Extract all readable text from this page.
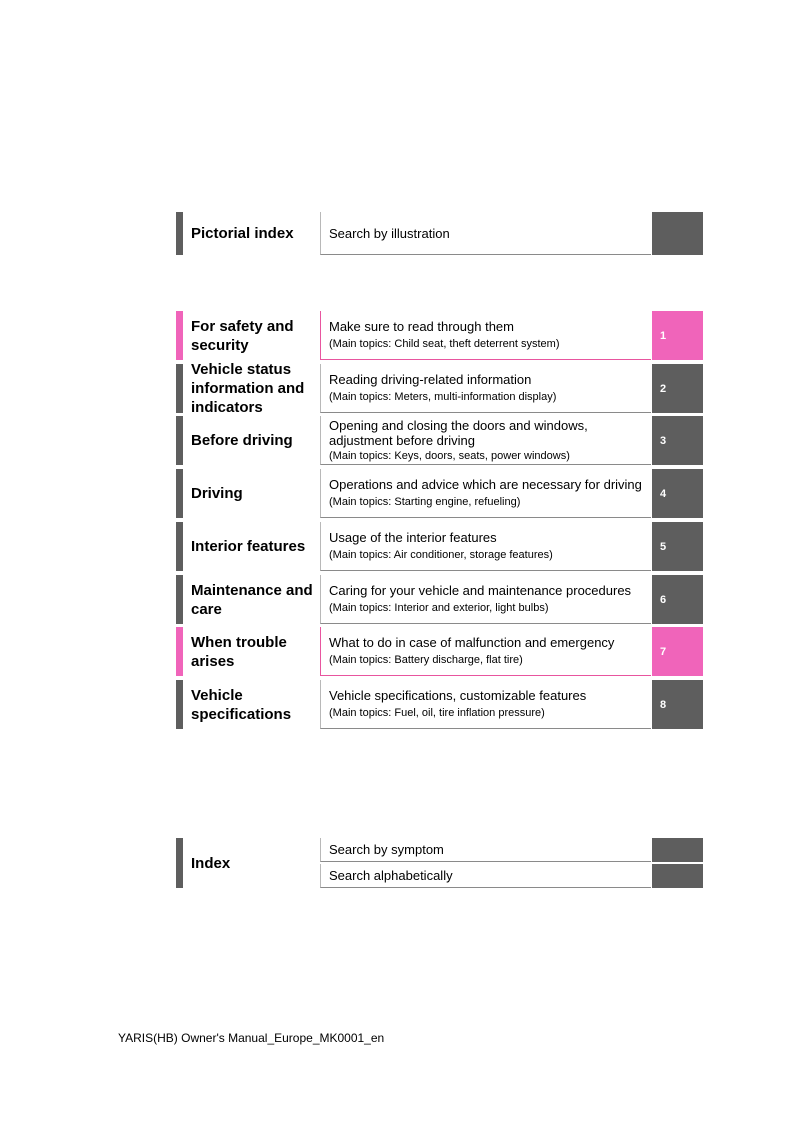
Pictorial index	Search by illustration
For safety and security
Make sure to read through them
(Main topics: Child seat, theft deterrent system)
1
Vehicle status information and indicators
Reading driving-related information
(Main topics: Meters, multi-information display)
2
Before driving
Opening and closing the doors and windows, adjustment before driving
(Main topics: Keys, doors, seats, power windows)
3
Driving
Operations and advice which are necessary for driving
(Main topics: Starting engine, refueling)
4
Interior features
Usage of the interior features
(Main topics: Air conditioner, storage features)
5
Maintenance and care
Caring for your vehicle and maintenance procedures
(Main topics: Interior and exterior, light bulbs)
6
When trouble arises
What to do in case of malfunction and emergency
(Main topics: Battery discharge, flat tire)
7
Vehicle specifications
Vehicle specifications, customizable features
(Main topics: Fuel, oil, tire inflation pressure)
8
Index
Search by symptom
Search alphabetically
YARIS(HB) Owner's Manual_Europe_MK0001_en
